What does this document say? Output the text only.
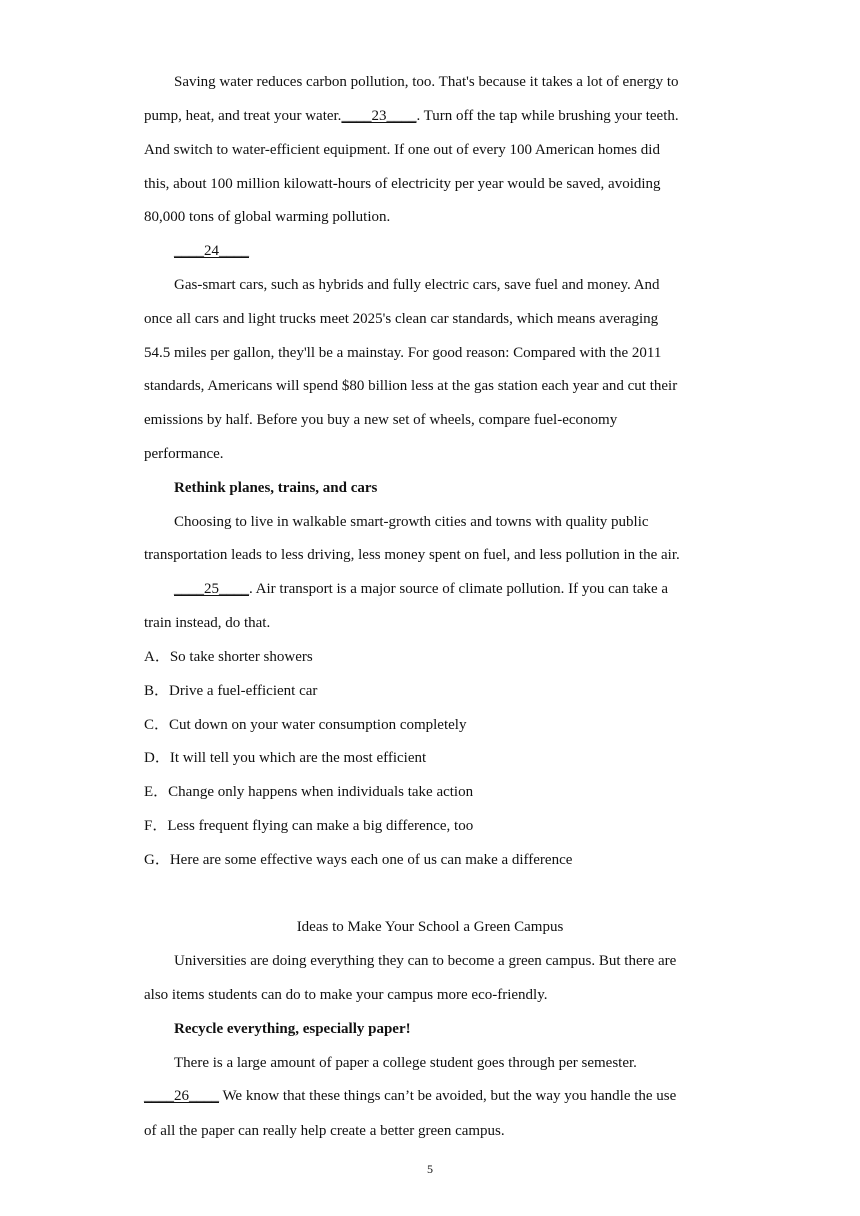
Saving water reduces carbon pollution, too. That's because it takes a lot of energy to
pump, heat, and treat your water.____23____. Turn off the tap while brushing your teeth.
And switch to water-efficient equipment. If one out of every 100 American homes did
this, about 100 million kilowatt-hours of electricity per year would be saved, avoiding
80,000 tons of global warming pollution.
____24____
Gas-smart cars, such as hybrids and fully electric cars, save fuel and money. And
once all cars and light trucks meet 2025's clean car standards, which means averaging
54.5 miles per gallon, they'll be a mainstay. For good reason: Compared with the 2011
standards, Americans will spend $80 billion less at the gas station each year and cut their
emissions by half. Before you buy a new set of wheels, compare fuel-economy
performance.
Rethink planes, trains, and cars
Choosing to live in walkable smart-growth cities and towns with quality public
transportation leads to less driving, less money spent on fuel, and less pollution in the air.
____25____. Air transport is a major source of climate pollution. If you can take a
train instead, do that.
A．So take shorter showers
B．Drive a fuel-efficient car
C．Cut down on your water consumption completely
D．It will tell you which are the most efficient
E．Change only happens when individuals take action
F．Less frequent flying can make a big difference, too
G．Here are some effective ways each one of us can make a difference
Ideas to Make Your School a Green Campus
Universities are doing everything they can to become a green campus. But there are
also items students can do to make your campus more eco-friendly.
Recycle everything, especially paper!
There is a large amount of paper a college student goes through per semester.
____26____ We know that these things can’t be avoided, but the way you handle the use
of all the paper can really help create a better green campus.
5
